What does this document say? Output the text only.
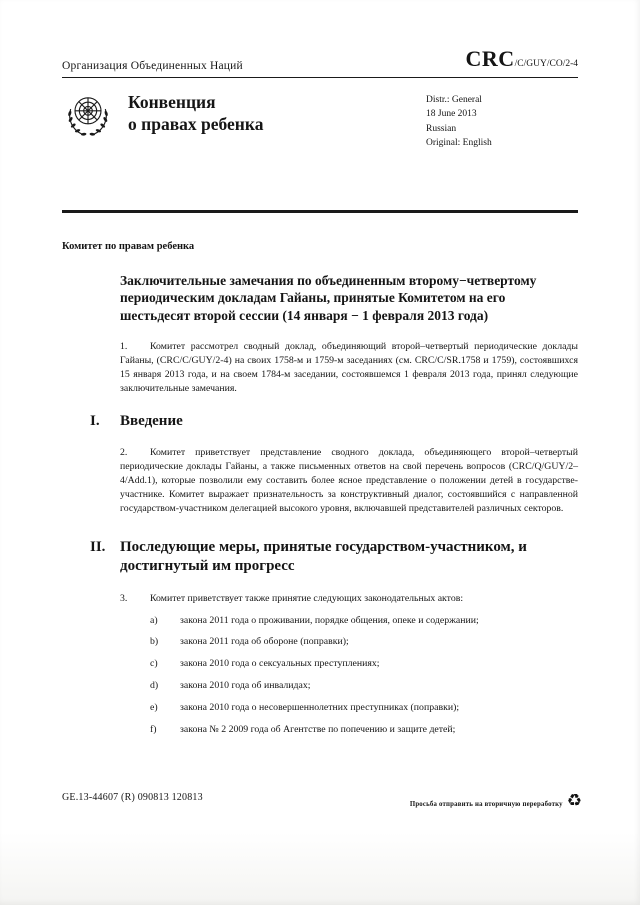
Организация Объединенных Наций	CRC/C/GUY/CO/2-4
Конвенция
о правах ребенка
Distr.: General
18 June 2013
Russian
Original: English
Комитет по правам ребенка
Заключительные замечания по объединенным второму−четвертому периодическим докладам Гайаны, принятые Комитетом на его шестьдесят второй сессии (14 января − 1 февраля 2013 года)
1. Комитет рассмотрел сводный доклад, объединяющий второй–четвертый периодические доклады Гайаны, (CRC/C/GUY/2-4) на своих 1758-м и 1759-м заседаниях (см. CRC/C/SR.1758 и 1759), состоявшихся 15 января 2013 года, и на своем 1784-м заседании, состоявшемся 1 февраля 2013 года, принял следующие заключительные замечания.
I. Введение
2. Комитет приветствует представление сводного доклада, объединяющего второй–четвертый периодические доклады Гайаны, а также письменных ответов на свой перечень вопросов (CRC/Q/GUY/2–4/Add.1), которые позволили ему составить более ясное представление о положении детей в государстве-участнике. Комитет выражает признательность за конструктивный диалог, состоявшийся с направленной государством-участником делегацией высокого уровня, включавшей представителей различных секторов.
II. Последующие меры, принятые государством-участником, и достигнутый им прогресс
3. Комитет приветствует также принятие следующих законодательных актов:
a) закона 2011 года о проживании, порядке общения, опеке и содержании;
b) закона 2011 года об обороне (поправки);
c) закона 2010 года о сексуальных преступлениях;
d) закона 2010 года об инвалидах;
e) закона 2010 года о несовершеннолетних преступниках (поправки);
f) закона № 2 2009 года об Агентстве по попечению и защите детей;
GE.13-44607 (R) 090813 120813
Просьба отправить на вторичную переработку ♻
